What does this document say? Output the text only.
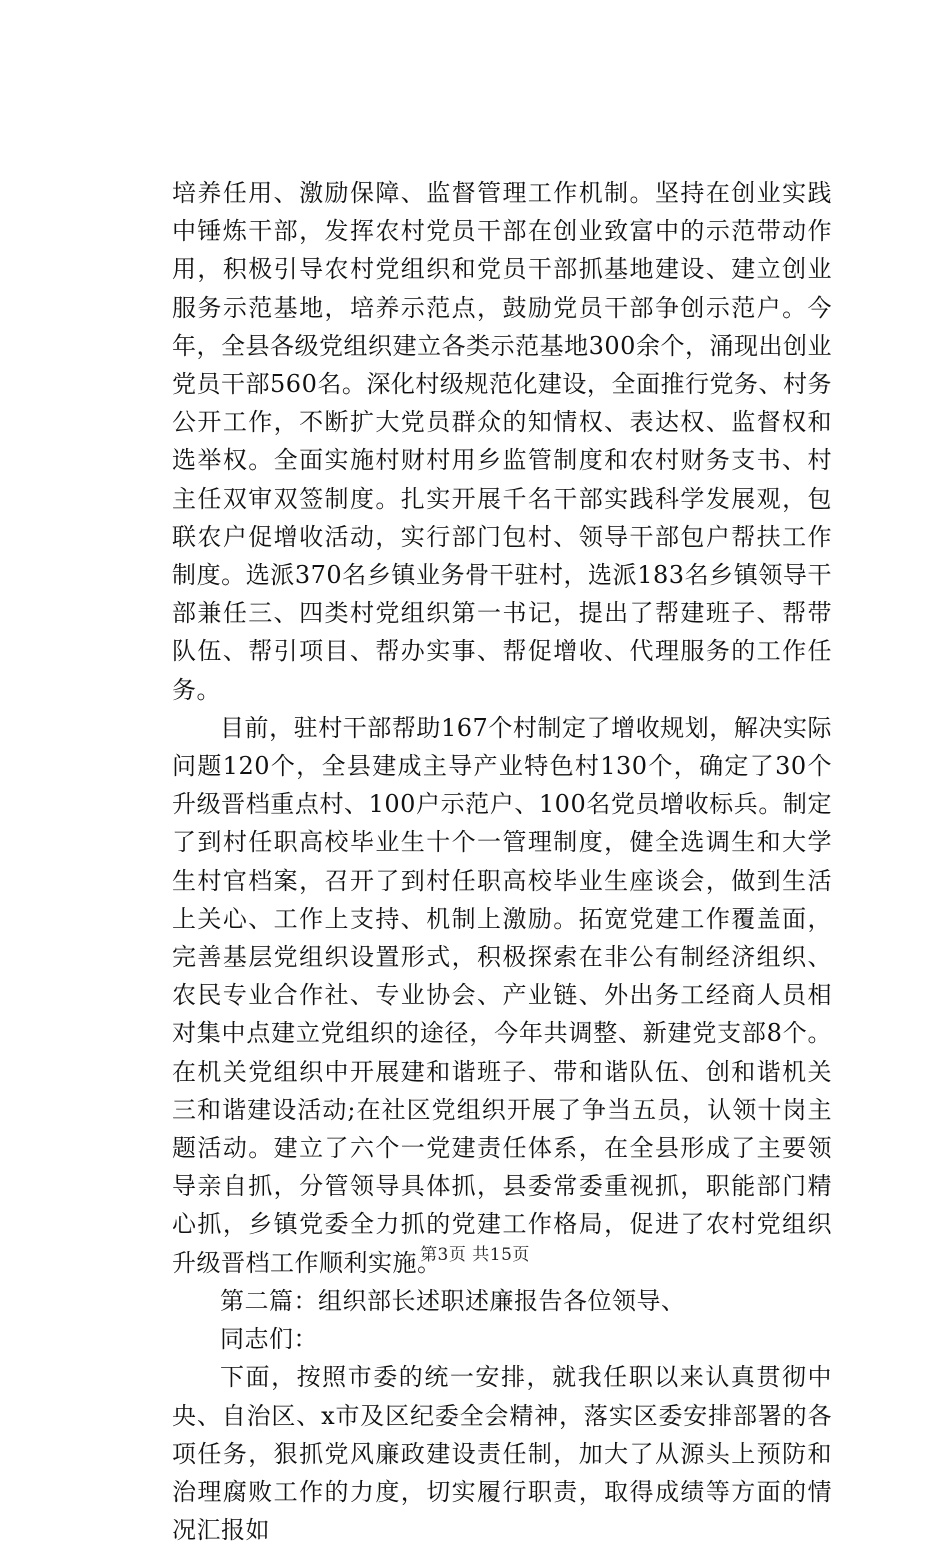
培养任用、激励保障、监督管理工作机制。坚持在创业实践中锤炼干部，发挥农村党员干部在创业致富中的示范带动作用，积极引导农村党组织和党员干部抓基地建设、建立创业服务示范基地，培养示范点，鼓励党员干部争创示范户。今年，全县各级党组织建立各类示范基地300余个，涌现出创业党员干部560名。深化村级规范化建设，全面推行党务、村务公开工作，不断扩大党员群众的知情权、表达权、监督权和选举权。全面实施村财村用乡监管制度和农村财务支书、村主任双审双签制度。扎实开展千名干部实践科学发展观，包联农户促增收活动，实行部门包村、领导干部包户帮扶工作制度。选派370名乡镇业务骨干驻村，选派183名乡镇领导干部兼任三、四类村党组织第一书记，提出了帮建班子、帮带队伍、帮引项目、帮办实事、帮促增收、代理服务的工作任务。

目前，驻村干部帮助167个村制定了增收规划，解决实际问题120个，全县建成主导产业特色村130个，确定了30个升级晋档重点村、100户示范户、100名党员增收标兵。制定了到村任职高校毕业生十个一管理制度，健全选调生和大学生村官档案，召开了到村任职高校毕业生座谈会，做到生活上关心、工作上支持、机制上激励。拓宽党建工作覆盖面，完善基层党组织设置形式，积极探索在非公有制经济组织、农民专业合作社、专业协会、产业链、外出务工经商人员相对集中点建立党组织的途径，今年共调整、新建党支部8个。在机关党组织中开展建和谐班子、带和谐队伍、创和谐机关三和谐建设活动;在社区党组织开展了争当五员，认领十岗主题活动。建立了六个一党建责任体系，在全县形成了主要领导亲自抓，分管领导具体抓，县委常委重视抓，职能部门精心抓，乡镇党委全力抓的党建工作格局，促进了农村党组织升级晋档工作顺利实施。

第二篇：组织部长述职述廉报告各位领导、

同志们：

下面，按照市委的统一安排，就我任职以来认真贯彻中央、自治区、x市及区纪委全会精神，落实区委安排部署的各项任务，狠抓党风廉政建设责任制，加大了从源头上预防和治理腐败工作的力度，切实履行职责，取得成绩等方面的情况汇报如

第3页 共15页
